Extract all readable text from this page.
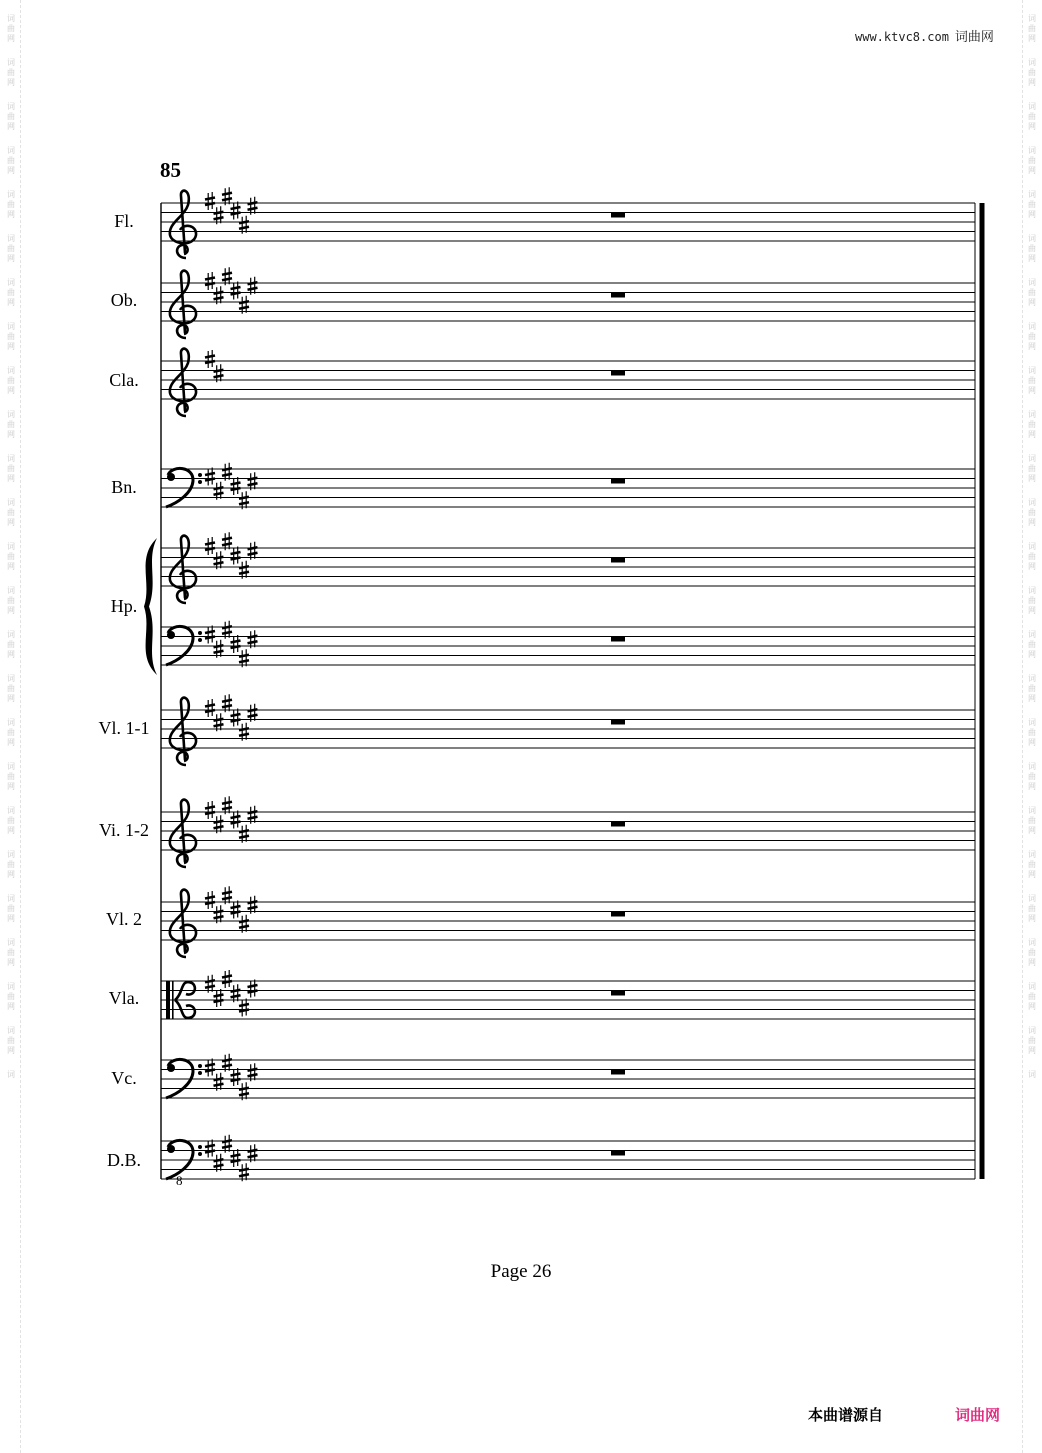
www.ktvc8.com 词曲网
词
曲
网
词
曲
网
词
曲
网
词
曲
网
词
曲
网
词
曲
网
词
曲
网
词
曲
网
词
曲
网
词
曲
网
词
曲
网
词
曲
网
词
曲
网
词
曲
网
词
曲
网
词
曲
网
词
曲
网
词
曲
网
词
曲
网
词
曲
网
词
曲
网
词
曲
网
词
曲
网
词
曲
网
词
词
曲
网
词
曲
网
词
曲
网
词
曲
网
词
曲
网
词
曲
网
词
曲
网
词
曲
网
词
曲
网
词
曲
网
词
曲
网
词
曲
网
词
曲
网
词
曲
网
词
曲
网
词
曲
网
词
曲
网
词
曲
网
词
曲
网
词
曲
网
词
曲
网
词
曲
网
词
曲
网
词
曲
网
词
85
Fl.
Ob.
Cla.
Bn.
Hp.
Vl. 1-1
Vi. 1-2
Vl. 2
Vla.
Vc.
D.B.
8
Page 26
本曲谱源自	词曲网
